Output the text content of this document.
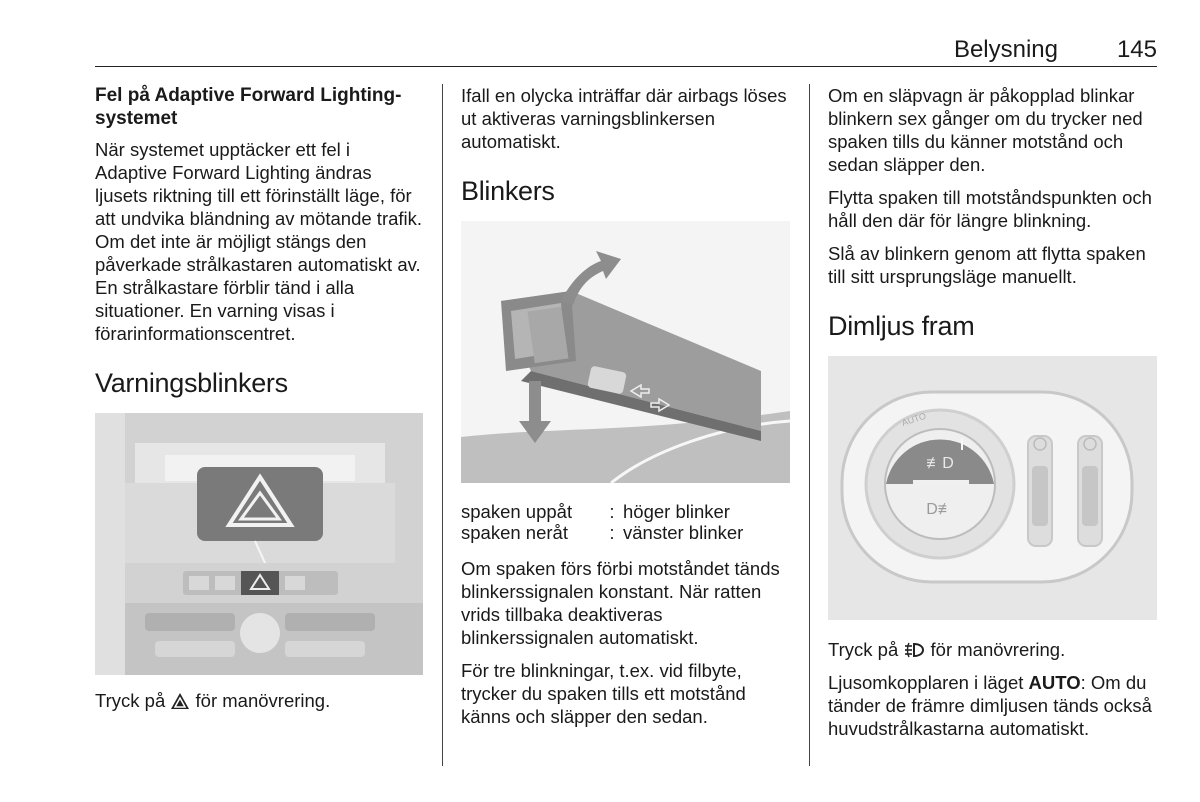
Belysning 145
Fel på Adaptive Forward Lighting-systemet

När systemet upptäcker ett fel i Adaptive Forward Lighting ändras ljusets riktning till ett förinställt läge, för att undvika bländning av mötande trafik. Om det inte är möjligt stängs den påverkade strålkastaren automatiskt av. En strålkastare förblir tänd i alla situationer. En varning visas i förarinformationscentret.

Varningsblinkers

Tryck på för manövrering.

Ifall en olycka inträffar där airbags löses ut aktiveras varningsblinkersen automatiskt.

Blinkers
spaken uppåt	:	höger blinker
spaken neråt	:	vänster blinker

Om spaken förs förbi motståndet tänds blinkerssignalen konstant. När ratten vrids tillbaka deaktiveras blinkerssignalen automatiskt.

För tre blinkningar, t.ex. vid filbyte, trycker du spaken tills ett motstånd känns och släpper den sedan.

Om en släpvagn är påkopplad blinkar blinkern sex gånger om du trycker ned spaken tills du känner motstånd och sedan släpper den.

Flytta spaken till motståndspunkten och håll den där för längre blinkning.

Slå av blinkern genom att flytta spaken till sitt ursprungsläge manuellt.

Dimljus fram
≢D
D≢
AUTO

Tryck på för manövrering.

Ljusomkopplaren i läget AUTO: Om du tänder de främre dimljusen tänds också huvudstrålkastarna automatiskt.
